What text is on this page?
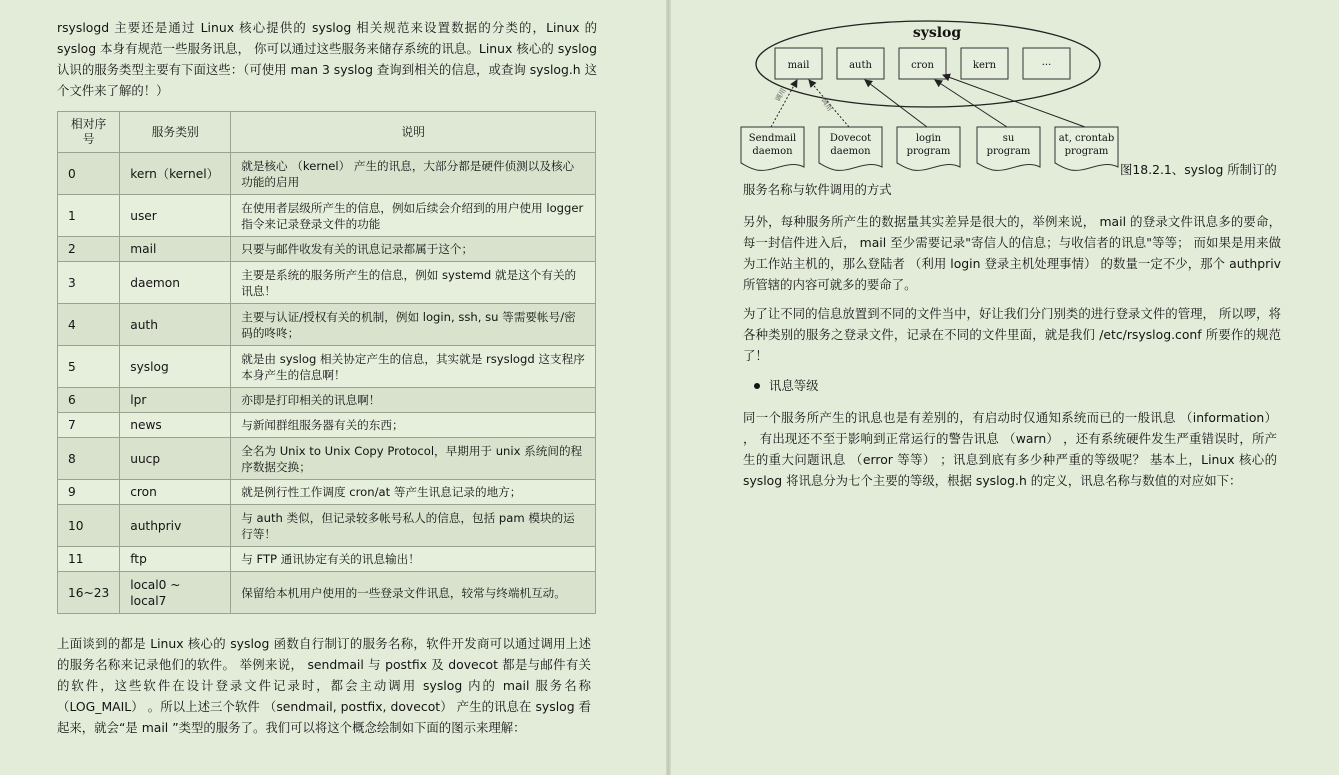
rsyslogd 主要还是通过 Linux 核心提供的 syslog 相关规范来设置数据的分类的，Linux 的 syslog 本身有规范一些服务讯息， 你可以通过这些服务来储存系统的讯息。Linux 核心的 syslog 认识的服务类型主要有下面这些：（可使用 man 3 syslog 查询到相关的信息，或查询 syslog.h 这个文件来了解的！）

相对序号	服务类别	说明
0	kern（kernel）	就是核心 （kernel） 产生的讯息，大部分都是硬件侦测以及核心功能的启用
1	user	在使用者层级所产生的信息，例如后续会介绍到的用户使用 logger 指令来记录登录文件的功能
2	mail	只要与邮件收发有关的讯息记录都属于这个；
3	daemon	主要是系统的服务所产生的信息，例如 systemd 就是这个有关的讯息！
4	auth	主要与认证/授权有关的机制，例如 login, ssh, su 等需要帐号/密码的咚咚；
5	syslog	就是由 syslog 相关协定产生的信息，其实就是 rsyslogd 这支程序本身产生的信息啊！
6	lpr	亦即是打印相关的讯息啊！
7	news	与新闻群组服务器有关的东西；
8	uucp	全名为 Unix to Unix Copy Protocol，早期用于 unix 系统间的程序数据交换；
9	cron	就是例行性工作调度 cron/at 等产生讯息记录的地方；
10	authpriv	与 auth 类似，但记录较多帐号私人的信息，包括 pam 模块的运行等！
11	ftp	与 FTP 通讯协定有关的讯息输出！
16~23	local0 ~ local7	保留给本机用户使用的一些登录文件讯息，较常与终端机互动。

上面谈到的都是 Linux 核心的 syslog 函数自行制订的服务名称，软件开发商可以通过调用上述的服务名称来记录他们的软件。 举例来说， sendmail 与 postfix 及 dovecot 都是与邮件有关的软件，这些软件在设计登录文件记录时，都会主动调用 syslog 内的 mail 服务名称 （LOG_MAIL） 。所以上述三个软件 （sendmail, postfix, dovecot） 产生的讯息在 syslog 看起来，就会“是 mail ”类型的服务了。我们可以将这个概念绘制如下面的图示来理解：

syslog
mail	auth	cron	kern	···
调用
调用
Sendmail
daemon
Dovecot
daemon
login
program
su
program
at, crontab
program
图18.2.1、syslog 所制订的
服务名称与软件调用的方式

另外，每种服务所产生的数据量其实差异是很大的，举例来说， mail 的登录文件讯息多的要命， 每一封信件进入后， mail 至少需要记录"寄信人的信息；与收信者的讯息"等等； 而如果是用来做为工作站主机的，那么登陆者 （利用 login 登录主机处理事情） 的数量一定不少，那个 authpriv 所管辖的内容可就多的要命了。

为了让不同的信息放置到不同的文件当中，好让我们分门别类的进行登录文件的管理， 所以啰，将各种类别的服务之登录文件，记录在不同的文件里面，就是我们 /etc/rsyslog.conf 所要作的规范了！

讯息等级

同一个服务所产生的讯息也是有差别的，有启动时仅通知系统而已的一般讯息 （information） ， 有出现还不至于影响到正常运行的警告讯息 （warn） ，还有系统硬件发生严重错误时，所产生的重大问题讯息 （error 等等） ；讯息到底有多少种严重的等级呢？ 基本上，Linux 核心的 syslog 将讯息分为七个主要的等级，根据 syslog.h 的定义，讯息名称与数值的对应如下：
